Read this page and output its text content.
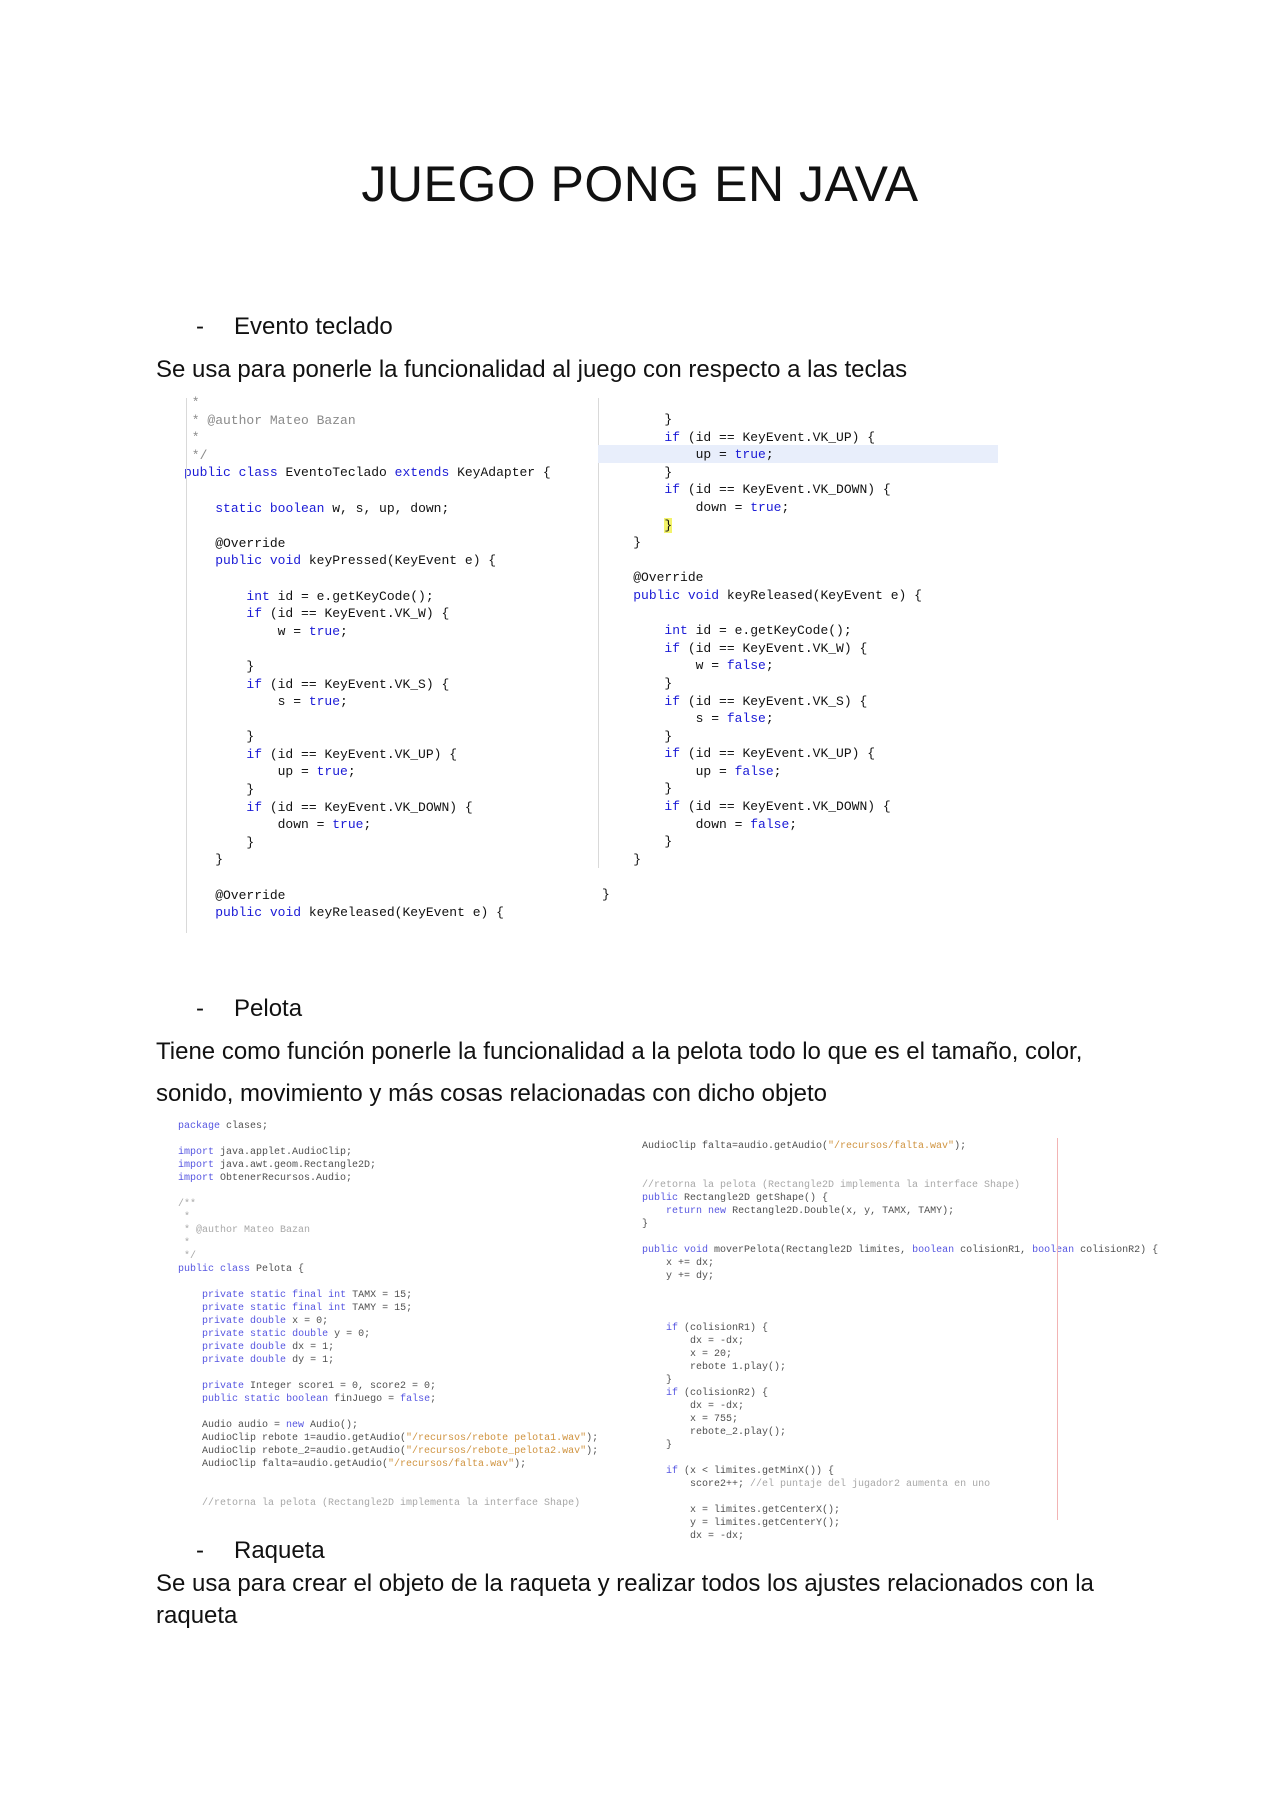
JUEGO PONG EN JAVA
- Evento teclado
Se usa para ponerle la funcionalidad al juego con respecto a las teclas
*
* @author Mateo Bazan
*
*/
public class EventoTeclado extends KeyAdapter {

static boolean w, s, up, down;

@Override
public void keyPressed(KeyEvent e) {

int id = e.getKeyCode();
if (id == KeyEvent.VK_W) {
w = true;

}
if (id == KeyEvent.VK_S) {
s = true;

}
if (id == KeyEvent.VK_UP) {
up = true;
}
if (id == KeyEvent.VK_DOWN) {
down = true;
}
}

@Override
public void keyReleased(KeyEvent e) {
}
if (id == KeyEvent.VK_UP) {
up = true;
}
if (id == KeyEvent.VK_DOWN) {
down = true;
}
}

@Override
public void keyReleased(KeyEvent e) {

int id = e.getKeyCode();
if (id == KeyEvent.VK_W) {
w = false;
}
if (id == KeyEvent.VK_S) {
s = false;
}
if (id == KeyEvent.VK_UP) {
up = false;
}
if (id == KeyEvent.VK_DOWN) {
down = false;
}
}

}
- Pelota
Tiene como función ponerle la funcionalidad a la pelota todo lo que es el tamaño, color, sonido, movimiento y más cosas relacionadas con dicho objeto
package clases;

import java.applet.AudioClip;
import java.awt.geom.Rectangle2D;
import ObtenerRecursos.Audio;

/**
*
* @author Mateo Bazan
*
*/
public class Pelota {

private static final int TAMX = 15;
private static final int TAMY = 15;
private double x = 0;
private static double y = 0;
private double dx = 1;
private double dy = 1;

private Integer score1 = 0, score2 = 0;
public static boolean finJuego = false;

Audio audio = new Audio();
AudioClip rebote 1=audio.getAudio("/recursos/rebote pelota1.wav");
AudioClip rebote_2=audio.getAudio("/recursos/rebote_pelota2.wav");
AudioClip falta=audio.getAudio("/recursos/falta.wav");

//retorna la pelota (Rectangle2D implementa la interface Shape)
AudioClip falta=audio.getAudio("/recursos/falta.wav");

//retorna la pelota (Rectangle2D implementa la interface Shape)
public Rectangle2D getShape() {
return new Rectangle2D.Double(x, y, TAMX, TAMY);
}

public void moverPelota(Rectangle2D limites, boolean colisionR1, boolean colisionR2) {
x += dx;
y += dy;

if (colisionR1) {
dx = -dx;
x = 20;
rebote 1.play();
}
if (colisionR2) {
dx = -dx;
x = 755;
rebote_2.play();
}

if (x < limites.getMinX()) {
score2++; //el puntaje del jugador2 aumenta en uno

x = limites.getCenterX();
y = limites.getCenterY();
dx = -dx;
- Raqueta
Se usa para crear el objeto de la raqueta y realizar todos los ajustes relacionados con la raqueta
